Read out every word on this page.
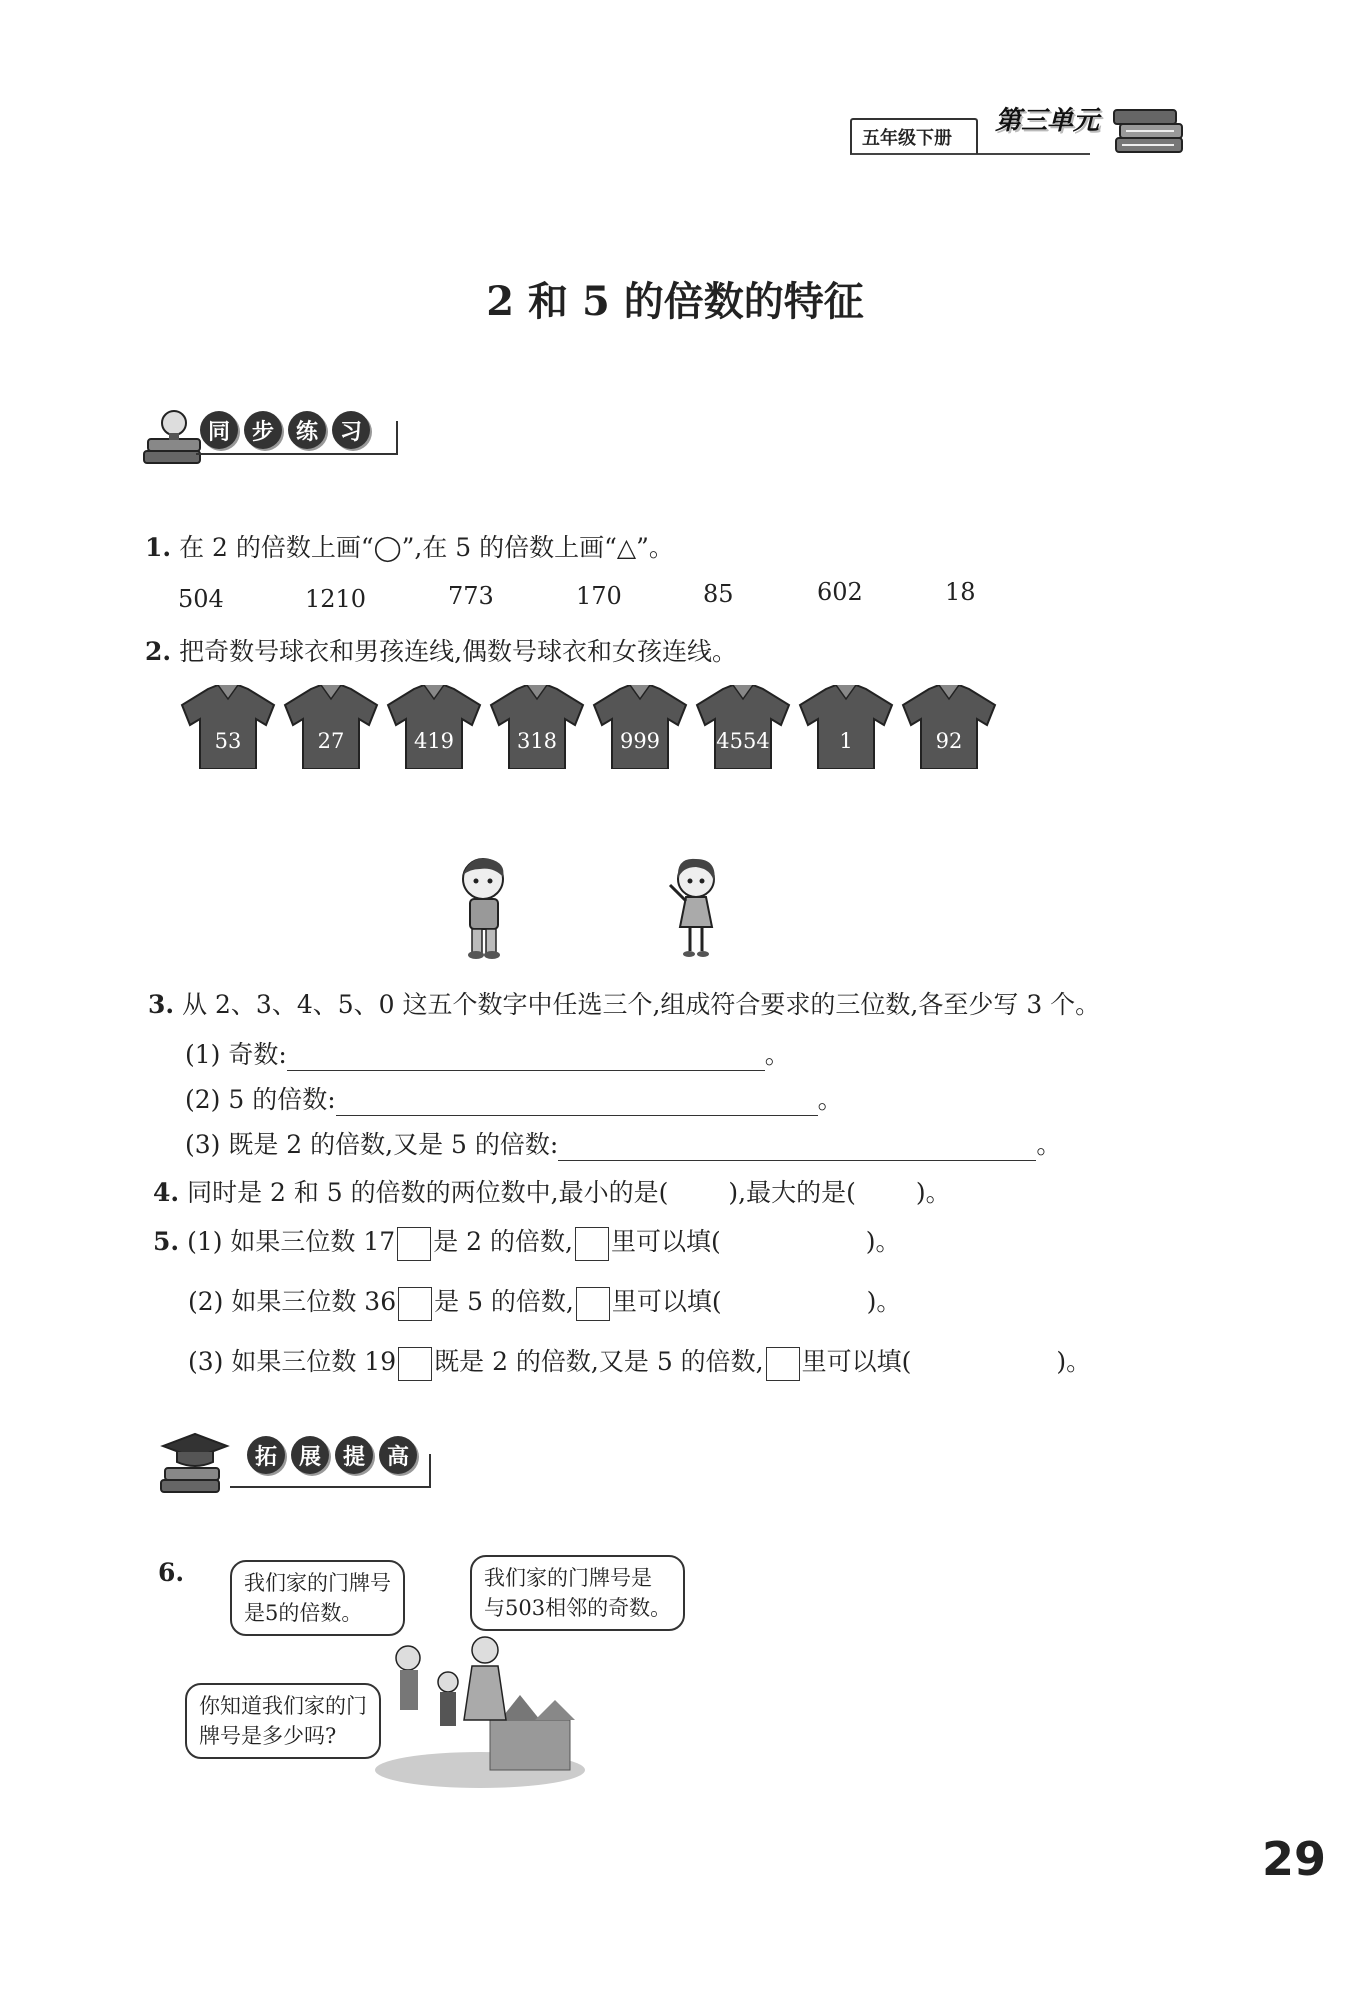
五年级下册
第三单元
2 和 5 的倍数的特征
同 步 练 习
1. 在 2 的倍数上画“◯”,在 5 的倍数上画“△”。
504	1210	773	170	85	602	18
2. 把奇数号球衣和男孩连线,偶数号球衣和女孩连线。
53	27	419	318	999	4554	1	92
3. 从 2、3、4、5、0 这五个数字中任选三个,组成符合要求的三位数,各至少写 3 个。
(1) 奇数:	。
(2) 5 的倍数:	。
(3) 既是 2 的倍数,又是 5 的倍数:	。
4. 同时是 2 和 5 的倍数的两位数中,最小的是( ),最大的是( )。
5. (1) 如果三位数 17 是 2 的倍数, 里可以填(	)。
(2) 如果三位数 36 是 5 的倍数, 里可以填(	)。
(3) 如果三位数 19 既是 2 的倍数,又是 5 的倍数, 里可以填(	)。
拓 展 提 高
6.	我们家的门牌号
是5的倍数。
我们家的门牌号是
与503相邻的奇数。
你知道我们家的门
牌号是多少吗?
29
